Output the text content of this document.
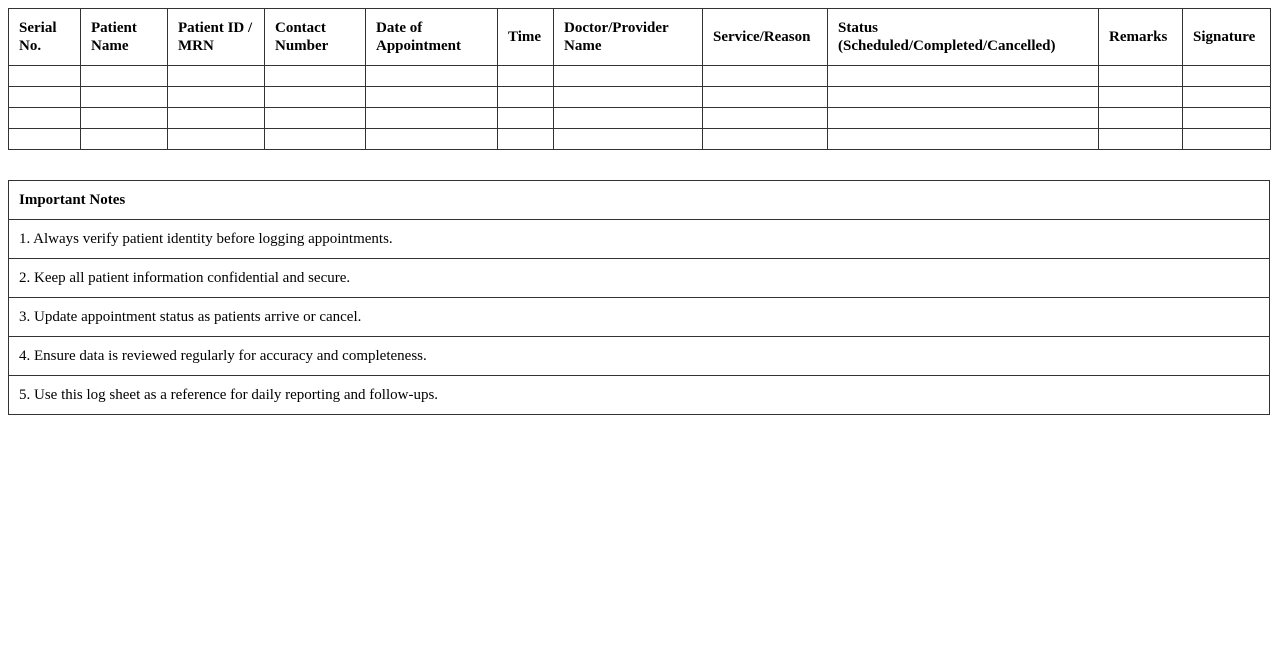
Serial No.	Patient Name	Patient ID / MRN	Contact Number	Date of Appointment	Time	Doctor/Provider Name	Service/Reason	Status (Scheduled/Completed/Cancelled)	Remarks	Signature

Important Notes
1. Always verify patient identity before logging appointments.
2. Keep all patient information confidential and secure.
3. Update appointment status as patients arrive or cancel.
4. Ensure data is reviewed regularly for accuracy and completeness.
5. Use this log sheet as a reference for daily reporting and follow-ups.
